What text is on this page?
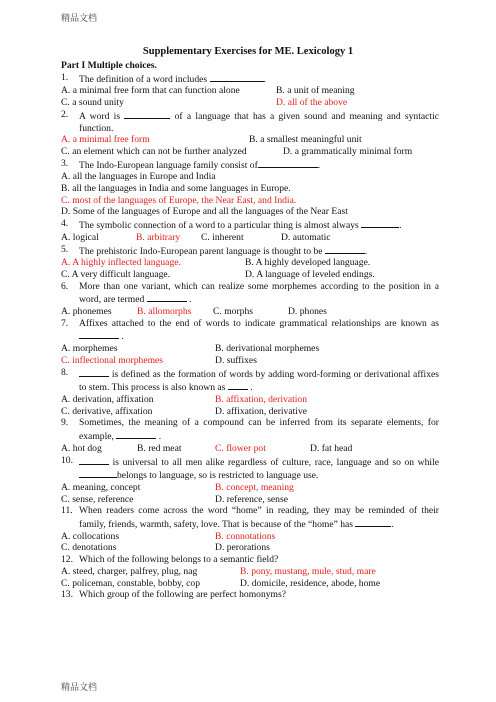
精品文档
Supplementary Exercises for ME. Lexicology 1
Part I Multiple choices.
1.	The definition of a word includes	.
A. a minimal free form that can function alone	B. a unit of meaning
C. a sound unity	D. all of the above
2.	A word is	of a language that has a given sound and meaning and syntactic function.
A. a minimal free form	B. a smallest meaningful unit
C. an element which can not be further analyzed	D. a grammatically minimal form
3.	The Indo-European language family consist of	.
A. all the languages in Europe and India
B. all the languages in India and some languages in Europe.
C. most of the languages of Europe, the Near East, and India.
D. Some of the languages of Europe and all the languages of the Near East
4.	The symbolic connection of a word to a particular thing is almost always	.
A. logical	B. arbitrary	C. inherent	D. automatic
5.	The prehistoric Indo-European parent language is thought to be	.
A. A highly inflected language.	B. A highly developed language.
C. A very difficult language.	D. A language of leveled endings.
6.	More than one variant, which can realize some morphemes according to the position in a word, are termed	.
A. phonemes	B. allomorphs	C. morphs	D. phones
7.	Affixes attached to the end of words to indicate grammatical relationships are known as  .
A. morphemes	B. derivational morphemes
C. inflectional morphemes	D. suffixes
8.	is defined as the formation of words by adding word-forming or derivational affixes to stem. This process is also known as  .
A. derivation, affixation	B. affixation, derivation
C. derivative, affixation	D. affixation, derivative
9.	Sometimes, the meaning of a compound can be inferred from its separate elements, for example,	.
A. hot dog	B. red meat	C. flower pot	D. fat head
10.	is universal to all men alike regardless of culture, race, language and so on while belongs to language, so is restricted to language use.
A. meaning, concept	B. concept, meaning
C. sense, reference	D. reference, sense
11. When readers come across the word “home” in reading, they may be reminded of their family, friends, warmth, safety, love. That is because of the “home” has	.
A. collocations	B. connotations
C. denotations	D. perorations
12. Which of the following belongs to a semantic field?
A. steed, charger, palfrey, plug, nag	B. pony, mustang, mule, stud, mare
C. policeman, constable, bobby, cop	D. domicile, residence, abode, home
13. Which group of the following are perfect homonyms?
精品文档
